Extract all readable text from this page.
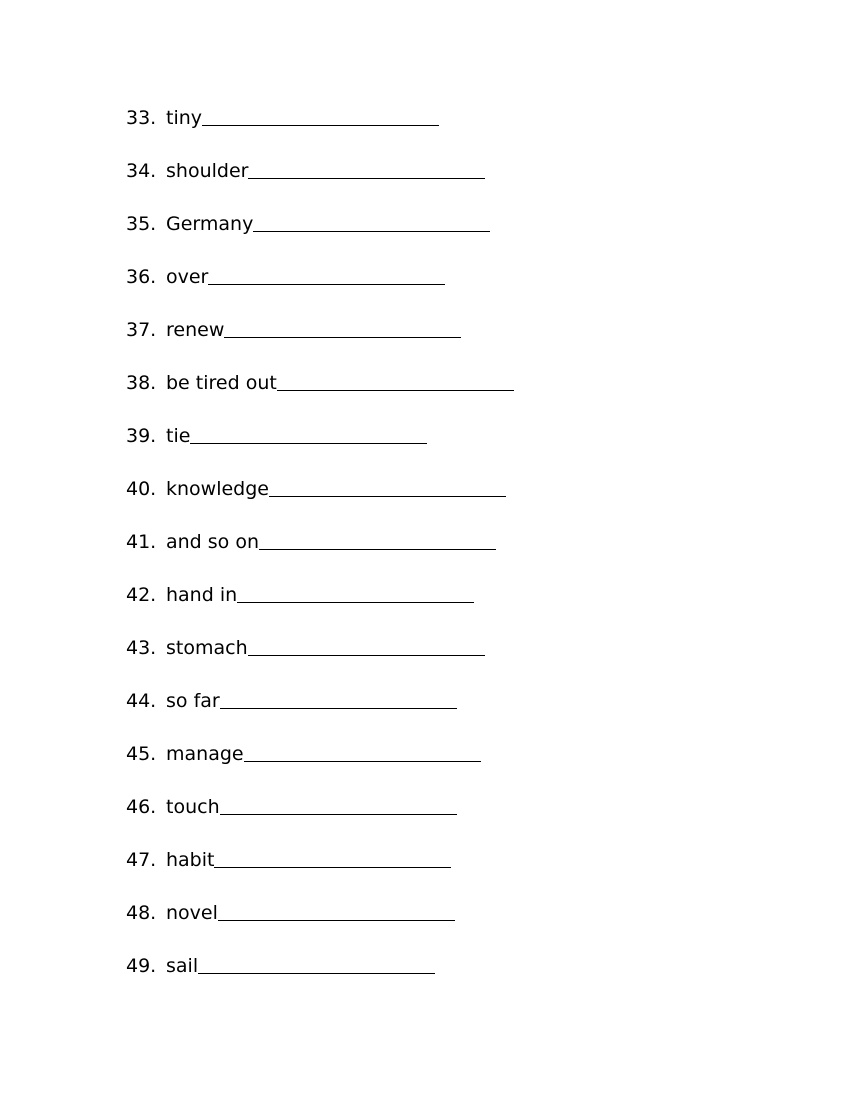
33. tiny
34. shoulder
35. Germany
36. over
37. renew
38. be tired out
39. tie
40. knowledge
41. and so on
42. hand in
43. stomach
44. so far
45. manage
46. touch
47. habit
48. novel
49. sail
